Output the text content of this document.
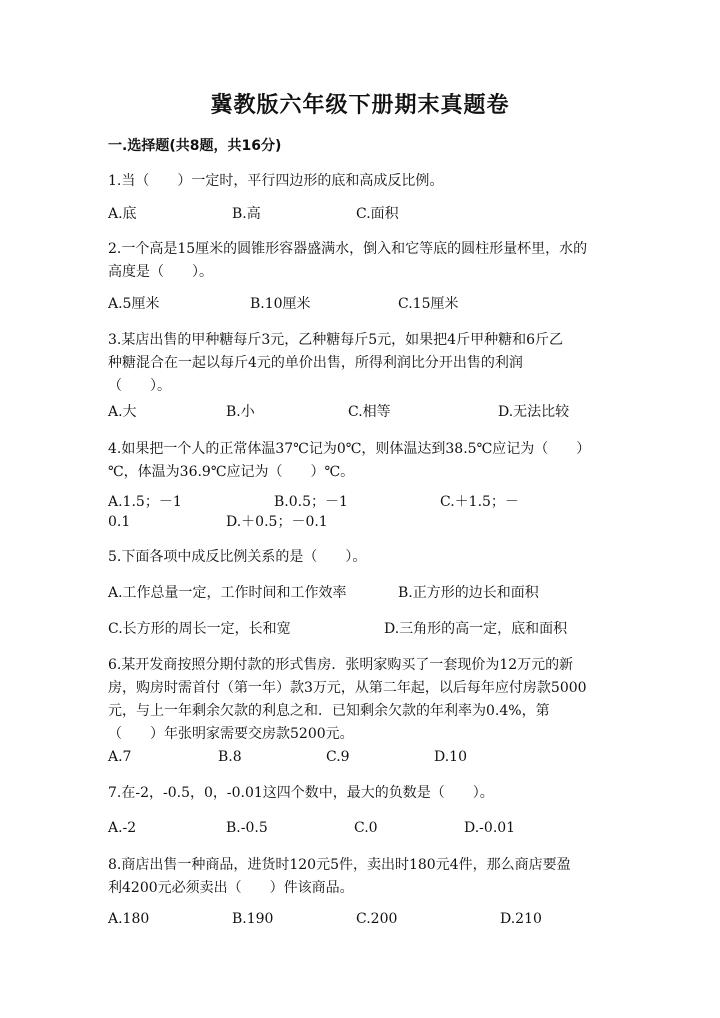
冀教版六年级下册期末真题卷
一.选择题(共8题，共16分)
1.当（　　）一定时，平行四边形的底和高成反比例。
A.底	B.高	C.面积
2.一个高是15厘米的圆锥形容器盛满水，倒入和它等底的圆柱形量杯里，水的
高度是（　　）。
A.5厘米	B.10厘米	C.15厘米
3.某店出售的甲种糖每斤3元，乙种糖每斤5元，如果把4斤甲种糖和6斤乙
种糖混合在一起以每斤4元的单价出售，所得利润比分开出售的利润
（　　）。
A.大	B.小	C.相等	D.无法比较
4.如果把一个人的正常体温37℃记为0℃，则体温达到38.5℃应记为（　　）
℃，体温为36.9℃应记为（　　）℃。
A.1.5；－1	B.0.5；－1	C.＋1.5；－
0.1	D.＋0.5；－0.1
5.下面各项中成反比例关系的是（　　）。
A.工作总量一定，工作时间和工作效率	B.正方形的边长和面积
C.长方形的周长一定，长和宽	D.三角形的高一定，底和面积
6.某开发商按照分期付款的形式售房．张明家购买了一套现价为12万元的新
房，购房时需首付（第一年）款3万元，从第二年起，以后每年应付房款5000
元，与上一年剩余欠款的利息之和．已知剩余欠款的年利率为0.4%，第
（　　）年张明家需要交房款5200元。
A.7	B.8	C.9	D.10
7.在-2，-0.5，0，-0.01这四个数中，最大的负数是（　　）。
A.-2	B.-0.5	C.0	D.-0.01
8.商店出售一种商品，进货时120元5件，卖出时180元4件，那么商店要盈
利4200元必须卖出（　　）件该商品。
A.180	B.190	C.200	D.210
